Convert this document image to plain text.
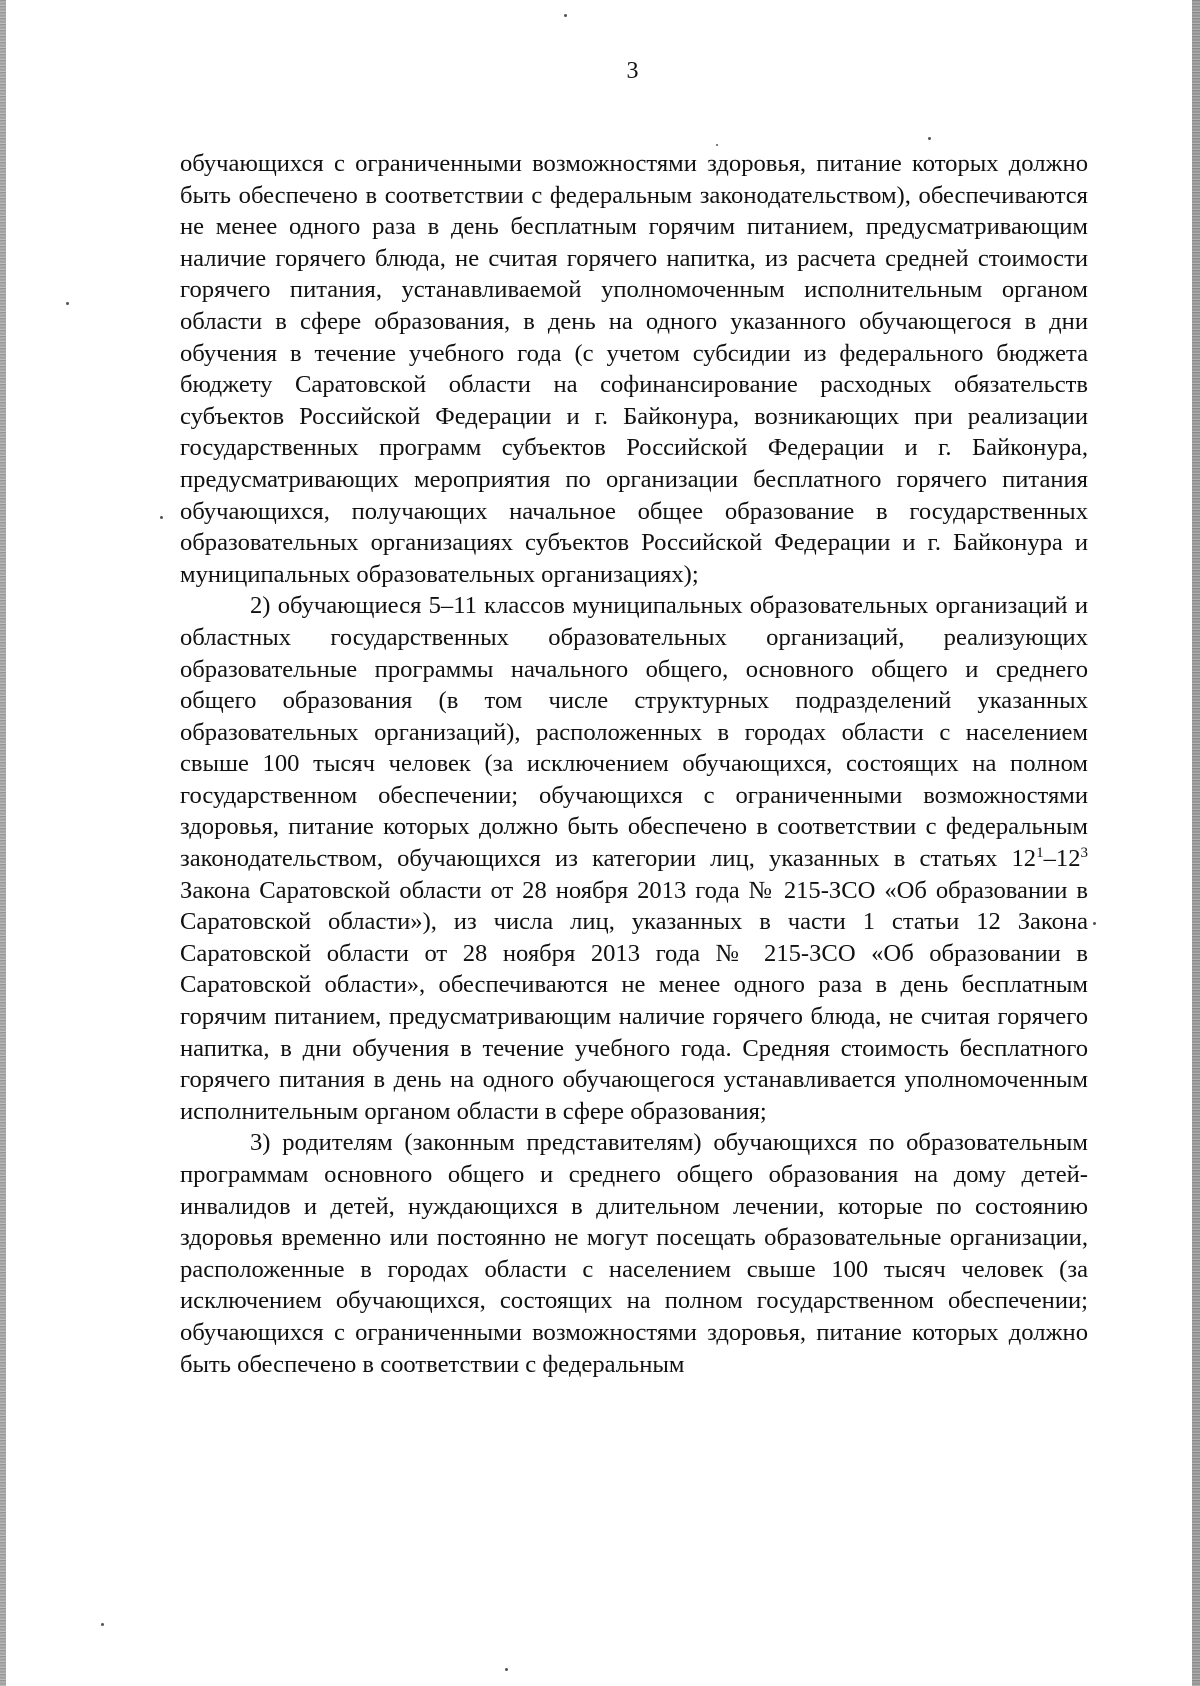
3

обучающихся с ограниченными возможностями здоровья, питание которых должно быть обеспечено в соответствии с федеральным законодательством), обеспечиваются не менее одного раза в день бесплатным горячим питанием, предусматривающим наличие горячего блюда, не считая горячего напитка, из расчета средней стоимости горячего питания, устанавливаемой уполномоченным исполнительным органом области в сфере образования, в день на одного указанного обучающегося в дни обучения в течение учебного года (с учетом субсидии из федерального бюджета бюджету Саратовской области на софинансирование расходных обязательств субъектов Российской Федерации и г. Байконура, возникающих при реализации государственных программ субъектов Российской Федерации и г. Байконура, предусматривающих мероприятия по организации бесплатного горячего питания обучающихся, получающих начальное общее образование в государственных образовательных организациях субъектов Российской Федерации и г. Байконура и муниципальных образовательных организациях);

2) обучающиеся 5–11 классов муниципальных образовательных организаций и областных государственных образовательных организаций, реализующих образовательные программы начального общего, основного общего и среднего общего образования (в том числе структурных подразделений указанных образовательных организаций), расположенных в городах области с населением свыше 100 тысяч человек (за исключением обучающихся, состоящих на полном государственном обеспечении; обучающихся с ограниченными возможностями здоровья, питание которых должно быть обеспечено в соответствии с федеральным законодательством, обучающихся из категории лиц, указанных в статьях $12^1-12^3$ Закона Саратовской области от 28 ноября 2013 года № 215-ЗСО «Об образовании в Саратовской области»), из числа лиц, указанных в части 1 статьи 12 Закона Саратовской области от 28 ноября 2013 года № 215-ЗСО «Об образовании в Саратовской области», обеспечиваются не менее одного раза в день бесплатным горячим питанием, предусматривающим наличие горячего блюда, не считая горячего напитка, в дни обучения в течение учебного года. Средняя стоимость бесплатного горячего питания в день на одного обучающегося устанавливается уполномоченным исполнительным органом области в сфере образования;

3) родителям (законным представителям) обучающихся по образовательным программам основного общего и среднего общего образования на дому детей-инвалидов и детей, нуждающихся в длительном лечении, которые по состоянию здоровья временно или постоянно не могут посещать образовательные организации, расположенные в городах области с населением свыше 100 тысяч человек (за исключением обучающихся, состоящих на полном государственном обеспечении; обучающихся с ограниченными возможностями здоровья, питание которых должно быть обеспечено в соответствии с федеральным
